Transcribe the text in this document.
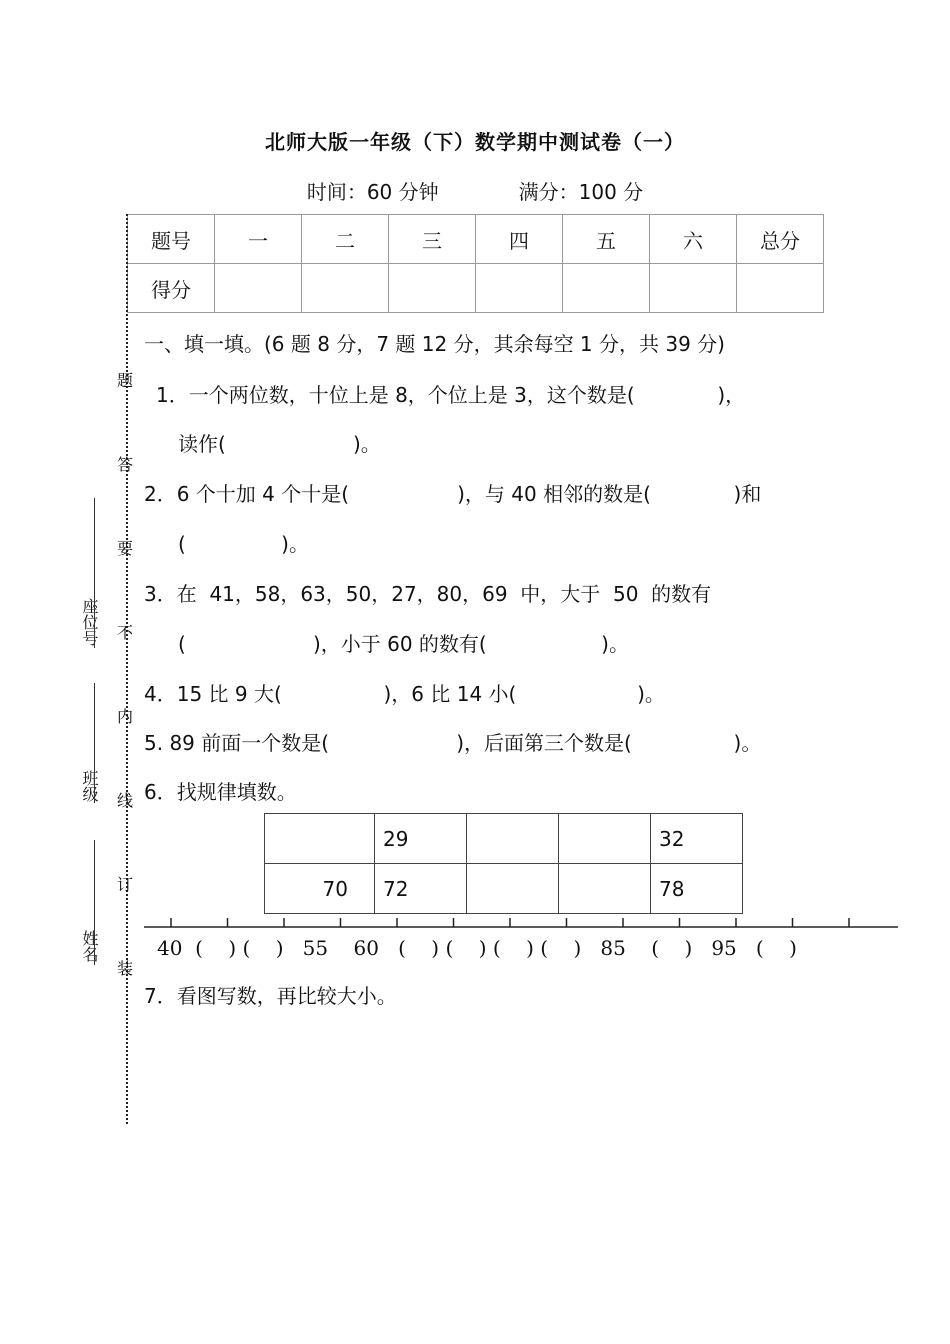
北师大版一年级（下）数学期中测试卷（一）
时间：60 分钟	满分：100 分
题号	一	二	三	四	五	六	总分
得分							
座位号
班级
姓名
题
答
要
不
内
线
订
装
一、填一填。(6 题 8 分，7 题 12 分，其余每空 1 分，共 39 分)
1．一个两位数，十位上是 8，个位上是 3，这个数是(             )，
读作(                    )。
2．6 个十加 4 个十是(                 )，与 40 相邻的数是(             )和
(               )。
3．在  41，58，63，50，27，80，69  中，大于  50  的数有
(                    )，小于 60 的数有(                  )。
4．15 比 9 大(                )，6 比 14 小(                   )。
5. 89 前面一个数是(                    )，后面第三个数是(                )。
6．找规律填数。
	29			32
70	72			78
40  (    ) (    )   55    60   (    ) (    ) (    ) (    )   85    (    )   95   (    )
7．看图写数，再比较大小。
